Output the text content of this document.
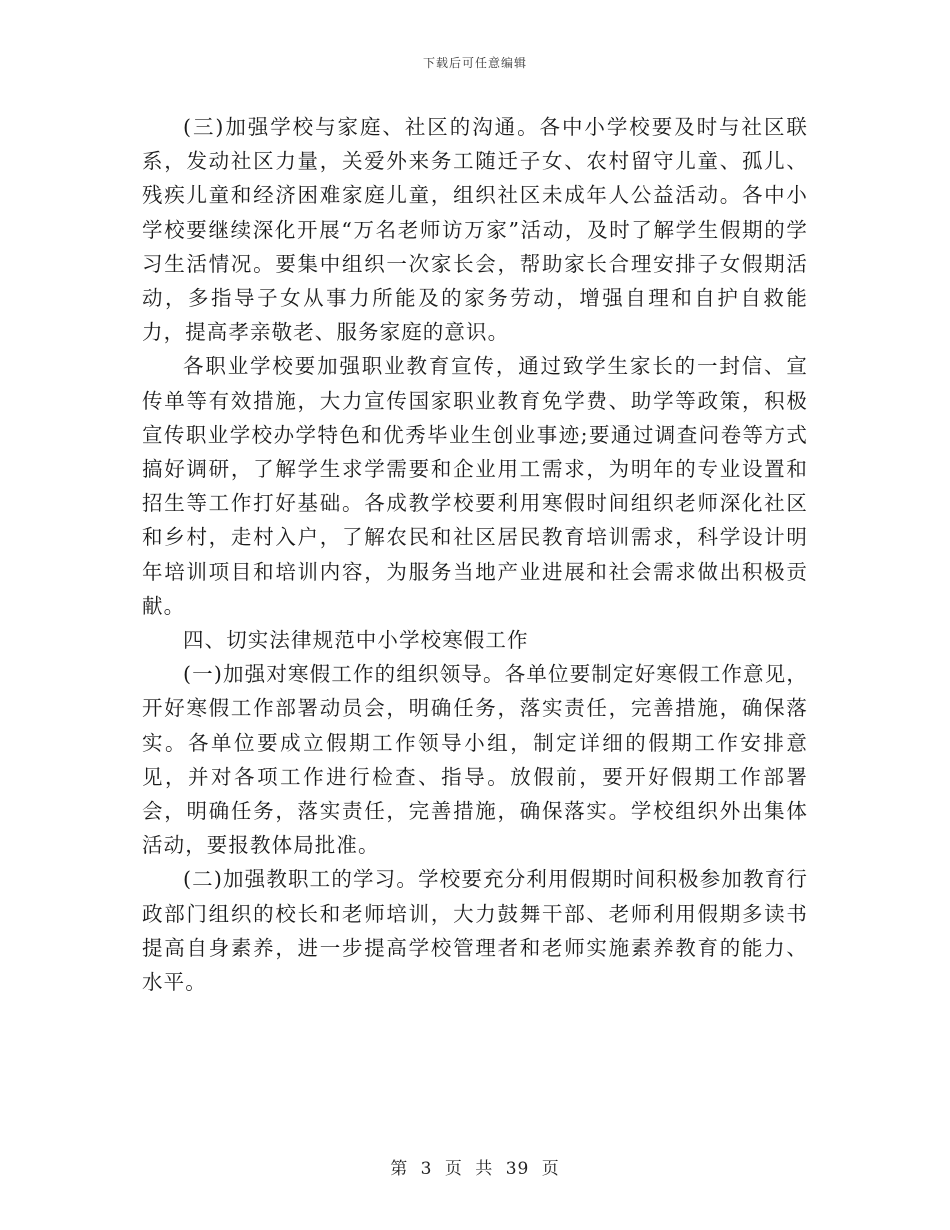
下载后可任意编辑

(三)加强学校与家庭、社区的沟通。各中小学校要及时与社区联系，发动社区力量，关爱外来务工随迁子女、农村留守儿童、孤儿、残疾儿童和经济困难家庭儿童，组织社区未成年人公益活动。各中小学校要继续深化开展“万名老师访万家”活动，及时了解学生假期的学习生活情况。要集中组织一次家长会，帮助家长合理安排子女假期活动，多指导子女从事力所能及的家务劳动，增强自理和自护自救能力，提高孝亲敬老、服务家庭的意识。

各职业学校要加强职业教育宣传，通过致学生家长的一封信、宣传单等有效措施，大力宣传国家职业教育免学费、助学等政策，积极宣传职业学校办学特色和优秀毕业生创业事迹;要通过调查问卷等方式搞好调研，了解学生求学需要和企业用工需求，为明年的专业设置和招生等工作打好基础。各成教学校要利用寒假时间组织老师深化社区和乡村，走村入户，了解农民和社区居民教育培训需求，科学设计明年培训项目和培训内容，为服务当地产业进展和社会需求做出积极贡献。

四、切实法律规范中小学校寒假工作

(一)加强对寒假工作的组织领导。各单位要制定好寒假工作意见，开好寒假工作部署动员会，明确任务，落实责任，完善措施，确保落实。各单位要成立假期工作领导小组，制定详细的假期工作安排意见，并对各项工作进行检查、指导。放假前，要开好假期工作部署会，明确任务，落实责任，完善措施，确保落实。学校组织外出集体活动，要报教体局批准。

(二)加强教职工的学习。学校要充分利用假期时间积极参加教育行政部门组织的校长和老师培训，大力鼓舞干部、老师利用假期多读书提高自身素养，进一步提高学校管理者和老师实施素养教育的能力、水平。

第 3 页 共 39 页
